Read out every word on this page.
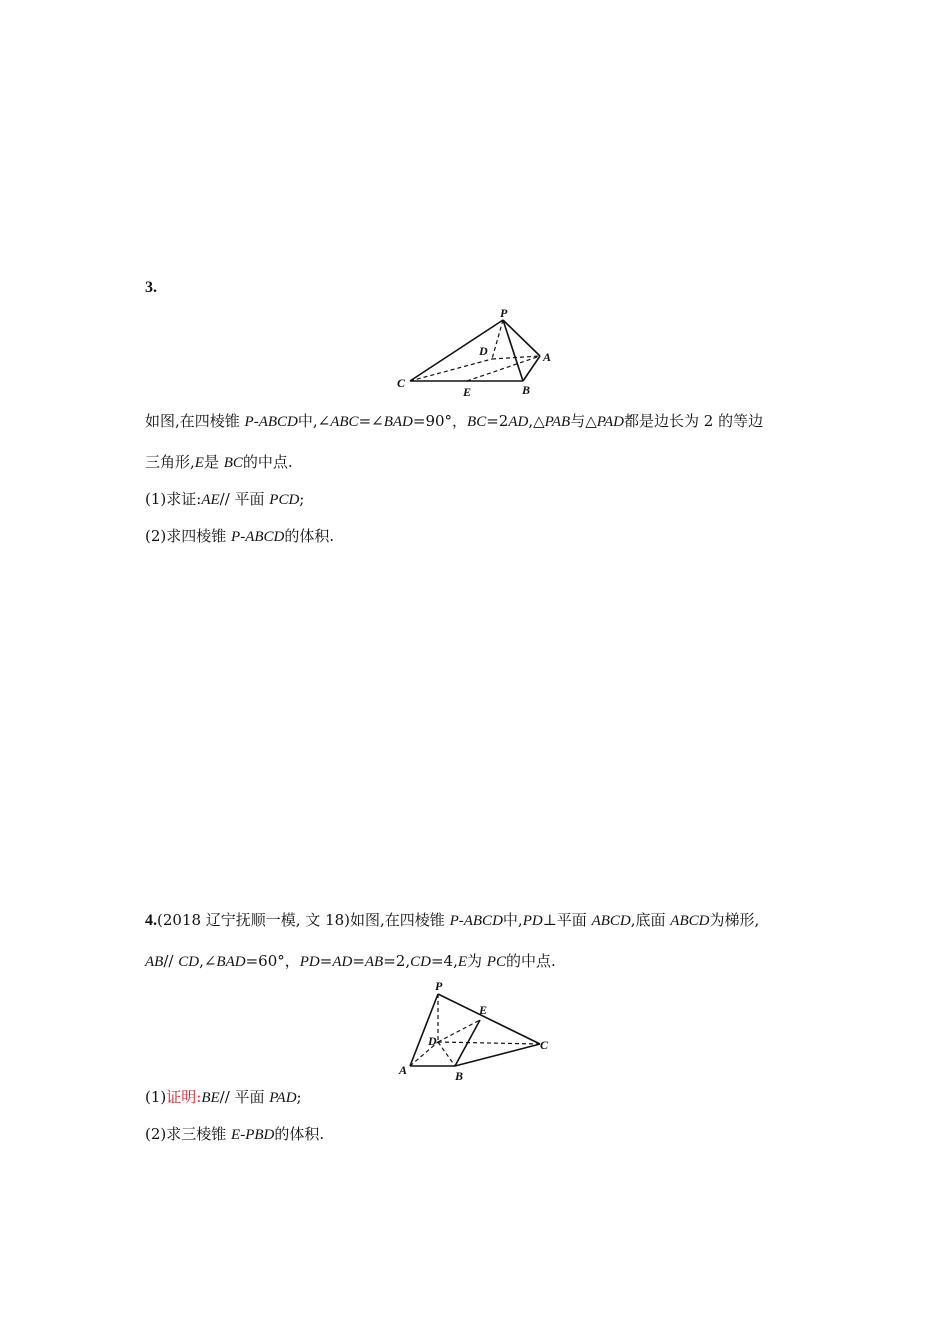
3.
P
D	A
C
E	B
如图,在四棱锥 P-ABCD中,∠ABC=∠BAD=90°，BC=2AD,△PAB与△PAD都是边长为 2 的等边
三角形,E是 BC的中点.
(1)求证:AE// 平面 PCD;
(2)求四棱锥 P-ABCD的体积.
4.(2018 辽宁抚顺一模, 文 18)如图,在四棱锥 P-ABCD中,PD⊥平面 ABCD,底面 ABCD为梯形,
AB// CD,∠BAD=60°，PD=AD=AB=2,CD=4,E为 PC的中点.
P
E
D	C
A	B
(1)证明:BE// 平面 PAD;
(2)求三棱锥 E-PBD的体积.
